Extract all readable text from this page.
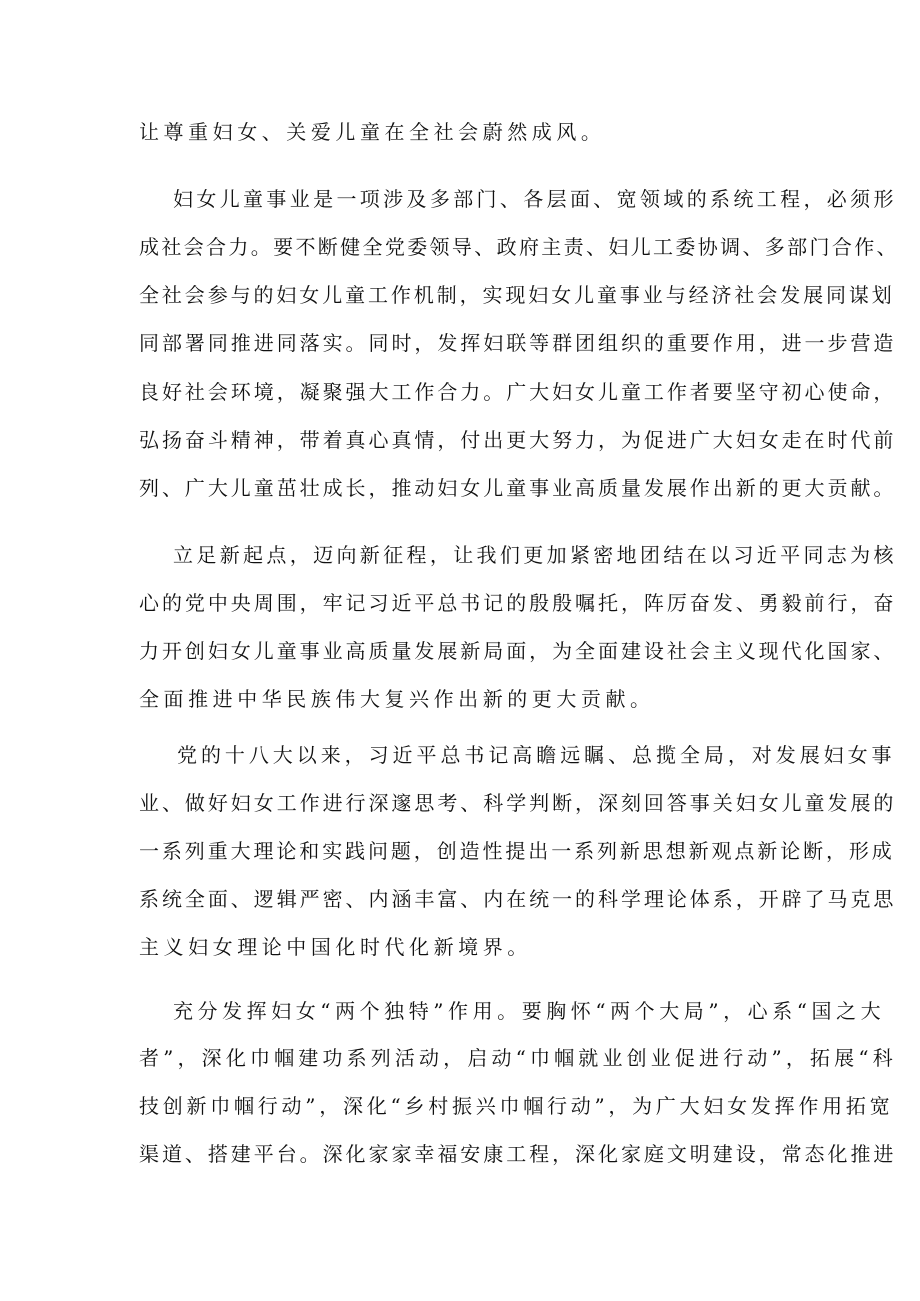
让尊重妇女、关爱儿童在全社会蔚然成风。
妇女儿童事业是一项涉及多部门、各层面、宽领域的系统工程，必须形
成社会合力。要不断健全党委领导、政府主责、妇儿工委协调、多部门合作、
全社会参与的妇女儿童工作机制，实现妇女儿童事业与经济社会发展同谋划
同部署同推进同落实。同时，发挥妇联等群团组织的重要作用，进一步营造
良好社会环境，凝聚强大工作合力。广大妇女儿童工作者要坚守初心使命，
弘扬奋斗精神，带着真心真情，付出更大努力，为促进广大妇女走在时代前
列、广大儿童茁壮成长，推动妇女儿童事业高质量发展作出新的更大贡献。
立足新起点，迈向新征程，让我们更加紧密地团结在以习近平同志为核
心的党中央周围，牢记习近平总书记的殷殷嘱托，阵厉奋发、勇毅前行，奋
力开创妇女儿童事业高质量发展新局面，为全面建设社会主义现代化国家、
全面推进中华民族伟大复兴作出新的更大贡献。
党的十八大以来，习近平总书记高瞻远瞩、总揽全局，对发展妇女事
业、做好妇女工作进行深邃思考、科学判断，深刻回答事关妇女儿童发展的
一系列重大理论和实践问题，创造性提出一系列新思想新观点新论断，形成
系统全面、逻辑严密、内涵丰富、内在统一的科学理论体系，开辟了马克思
主义妇女理论中国化时代化新境界。
充分发挥妇女“两个独特”作用。要胸怀“两个大局”，心系“国之大
者”，深化巾帼建功系列活动，启动“巾帼就业创业促进行动”，拓展“科
技创新巾帼行动”，深化“乡村振兴巾帼行动”，为广大妇女发挥作用拓宽
渠道、搭建平台。深化家家幸福安康工程，深化家庭文明建设，常态化推进
